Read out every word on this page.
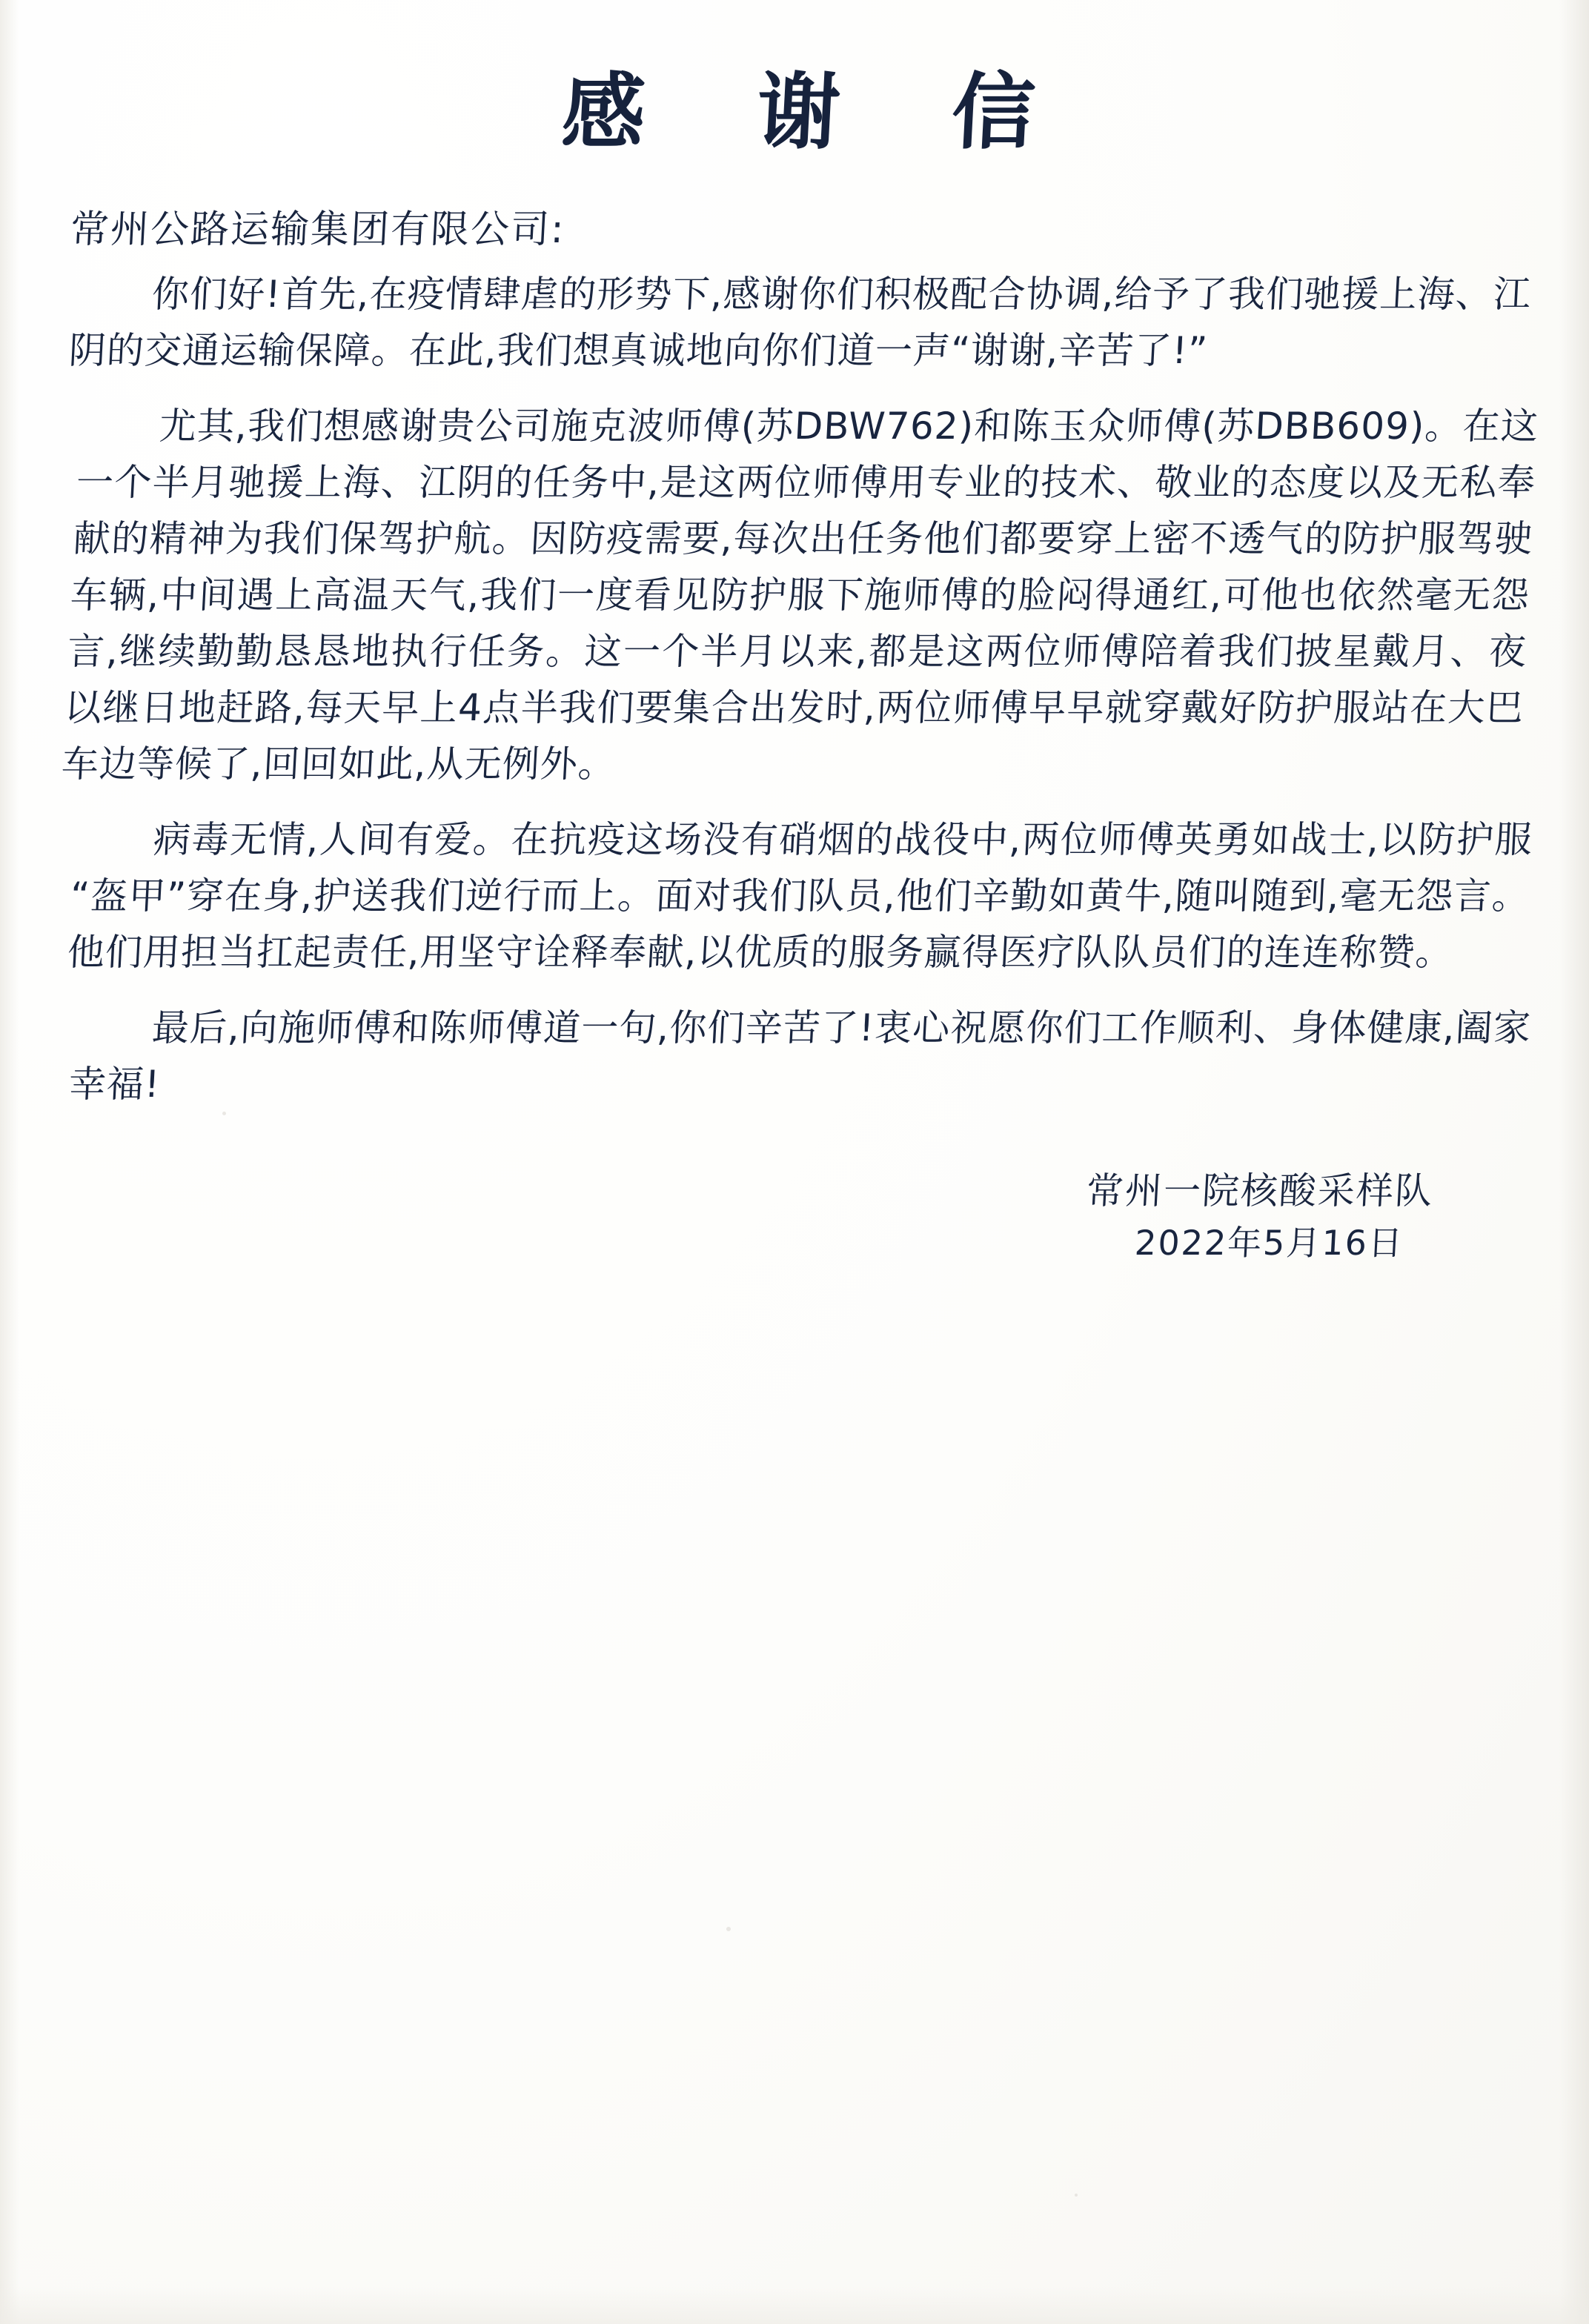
感 谢 信
常州公路运输集团有限公司:

你们好!首先,在疫情肆虐的形势下,感谢你们积极配合协调,给予了我们驰援上海、江阴的交通运输保障。在此,我们想真诚地向你们道一声“谢谢,辛苦了!”

尤其,我们想感谢贵公司施克波师傅(苏DBW762)和陈玉众师傅(苏DBB609)。在这一个半月驰援上海、江阴的任务中,是这两位师傅用专业的技术、敬业的态度以及无私奉献的精神为我们保驾护航。因防疫需要,每次出任务他们都要穿上密不透气的防护服驾驶车辆,中间遇上高温天气,我们一度看见防护服下施师傅的脸闷得通红,可他也依然毫无怨言,继续勤勤恳恳地执行任务。这一个半月以来,都是这两位师傅陪着我们披星戴月、夜以继日地赶路,每天早上4点半我们要集合出发时,两位师傅早早就穿戴好防护服站在大巴车边等候了,回回如此,从无例外。

病毒无情,人间有爱。在抗疫这场没有硝烟的战役中,两位师傅英勇如战士,以防护服“盔甲”穿在身,护送我们逆行而上。面对我们队员,他们辛勤如黄牛,随叫随到,毫无怨言。他们用担当扛起责任,用坚守诠释奉献,以优质的服务赢得医疗队队员们的连连称赞。

最后,向施师傅和陈师傅道一句,你们辛苦了!衷心祝愿你们工作顺利、身体健康,阖家幸福!

常州一院核酸采样队
2022年5月16日
